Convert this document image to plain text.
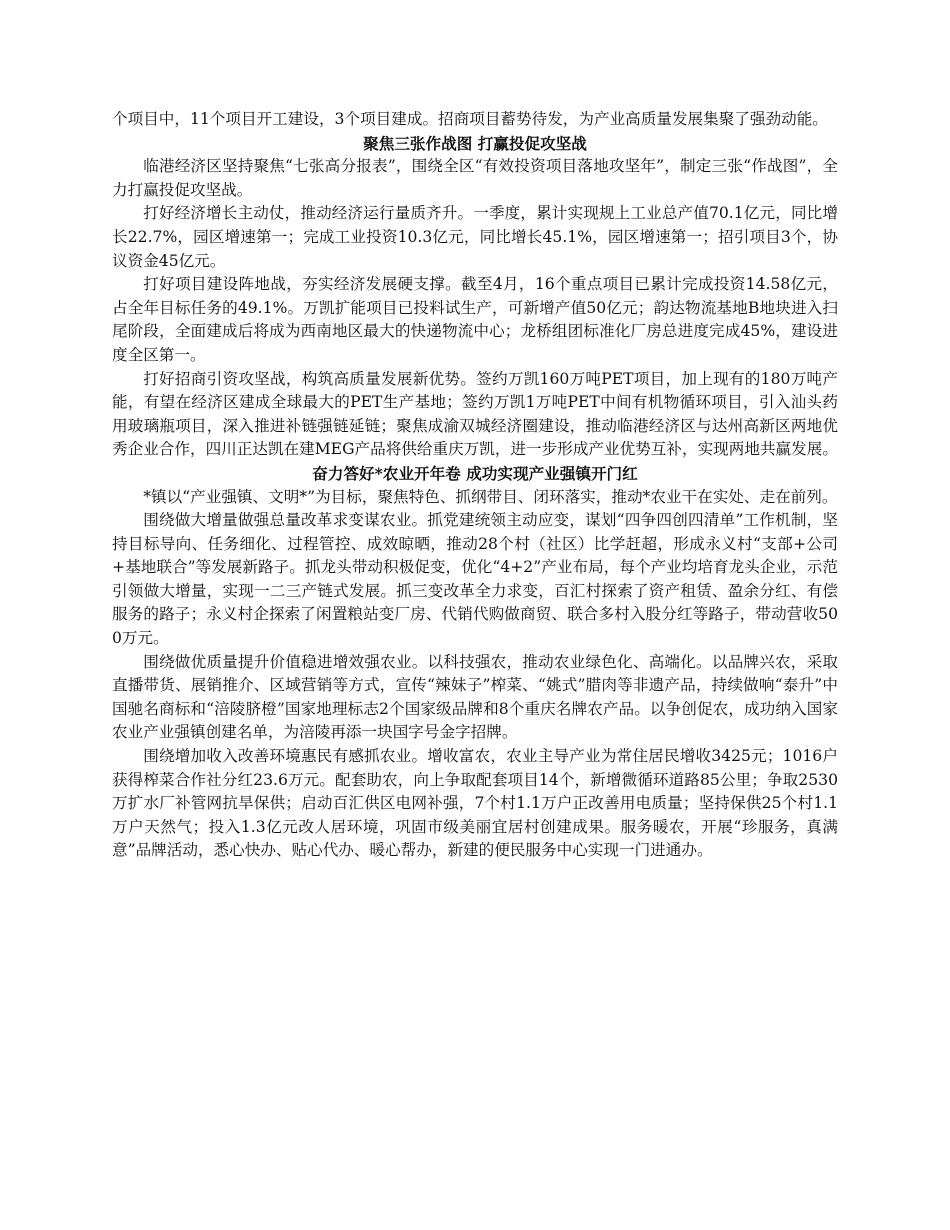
个项目中，11个项目开工建设，3个项目建成。招商项目蓄势待发，为产业高质量发展集聚了强劲动能。

聚焦三张作战图 打赢投促攻坚战

临港经济区坚持聚焦“七张高分报表”，围绕全区“有效投资项目落地攻坚年”，制定三张“作战图”，全力打赢投促攻坚战。

打好经济增长主动仗，推动经济运行量质齐升。一季度，累计实现规上工业总产值70.1亿元，同比增长22.7%，园区增速第一；完成工业投资10.3亿元，同比增长45.1%，园区增速第一；招引项目3个，协议资金45亿元。

打好项目建设阵地战，夯实经济发展硬支撑。截至4月，16个重点项目已累计完成投资14.58亿元，占全年目标任务的49.1%。万凯扩能项目已投料试生产，可新增产值50亿元；韵达物流基地B地块进入扫尾阶段，全面建成后将成为西南地区最大的快递物流中心；龙桥组团标准化厂房总进度完成45%，建设进度全区第一。

打好招商引资攻坚战，构筑高质量发展新优势。签约万凯160万吨PET项目，加上现有的180万吨产能，有望在经济区建成全球最大的PET生产基地；签约万凯1万吨PET中间有机物循环项目，引入汕头药用玻璃瓶项目，深入推进补链强链延链；聚焦成渝双城经济圈建设，推动临港经济区与达州高新区两地优秀企业合作，四川正达凯在建MEG产品将供给重庆万凯，进一步形成产业优势互补，实现两地共赢发展。

奋力答好*农业开年卷 成功实现产业强镇开门红

*镇以“产业强镇、文明*”为目标，聚焦特色、抓纲带目、闭环落实，推动*农业干在实处、走在前列。

围绕做大增量做强总量改革求变谋农业。抓党建统领主动应变，谋划“四争四创四清单”工作机制，坚持目标导向、任务细化、过程管控、成效晾晒，推动28个村（社区）比学赶超，形成永义村“支部+公司+基地联合”等发展新路子。抓龙头带动积极促变，优化“4+2”产业布局，每个产业均培育龙头企业，示范引领做大增量，实现一二三产链式发展。抓三变改革全力求变，百汇村探索了资产租赁、盈余分红、有偿服务的路子；永义村企探索了闲置粮站变厂房、代销代购做商贸、联合多村入股分红等路子，带动营收500万元。

围绕做优质量提升价值稳进增效强农业。以科技强农，推动农业绿色化、高端化。以品牌兴农，采取直播带货、展销推介、区域营销等方式，宣传“辣妹子”榨菜、“姚式”腊肉等非遗产品，持续做响“泰升”中国驰名商标和“涪陵脐橙”国家地理标志2个国家级品牌和8个重庆名牌农产品。以争创促农，成功纳入国家农业产业强镇创建名单，为涪陵再添一块国字号金字招牌。

围绕增加收入改善环境惠民有感抓农业。增收富农，农业主导产业为常住居民增收3425元；1016户获得榨菜合作社分红23.6万元。配套助农，向上争取配套项目14个，新增微循环道路85公里；争取2530万扩水厂补管网抗旱保供；启动百汇供区电网补强，7个村1.1万户正改善用电质量；坚持保供25个村1.1万户天然气；投入1.3亿元改人居环境，巩固市级美丽宜居村创建成果。服务暖农，开展“珍服务，真满意”品牌活动，悉心快办、贴心代办、暖心帮办，新建的便民服务中心实现一门进通办。
